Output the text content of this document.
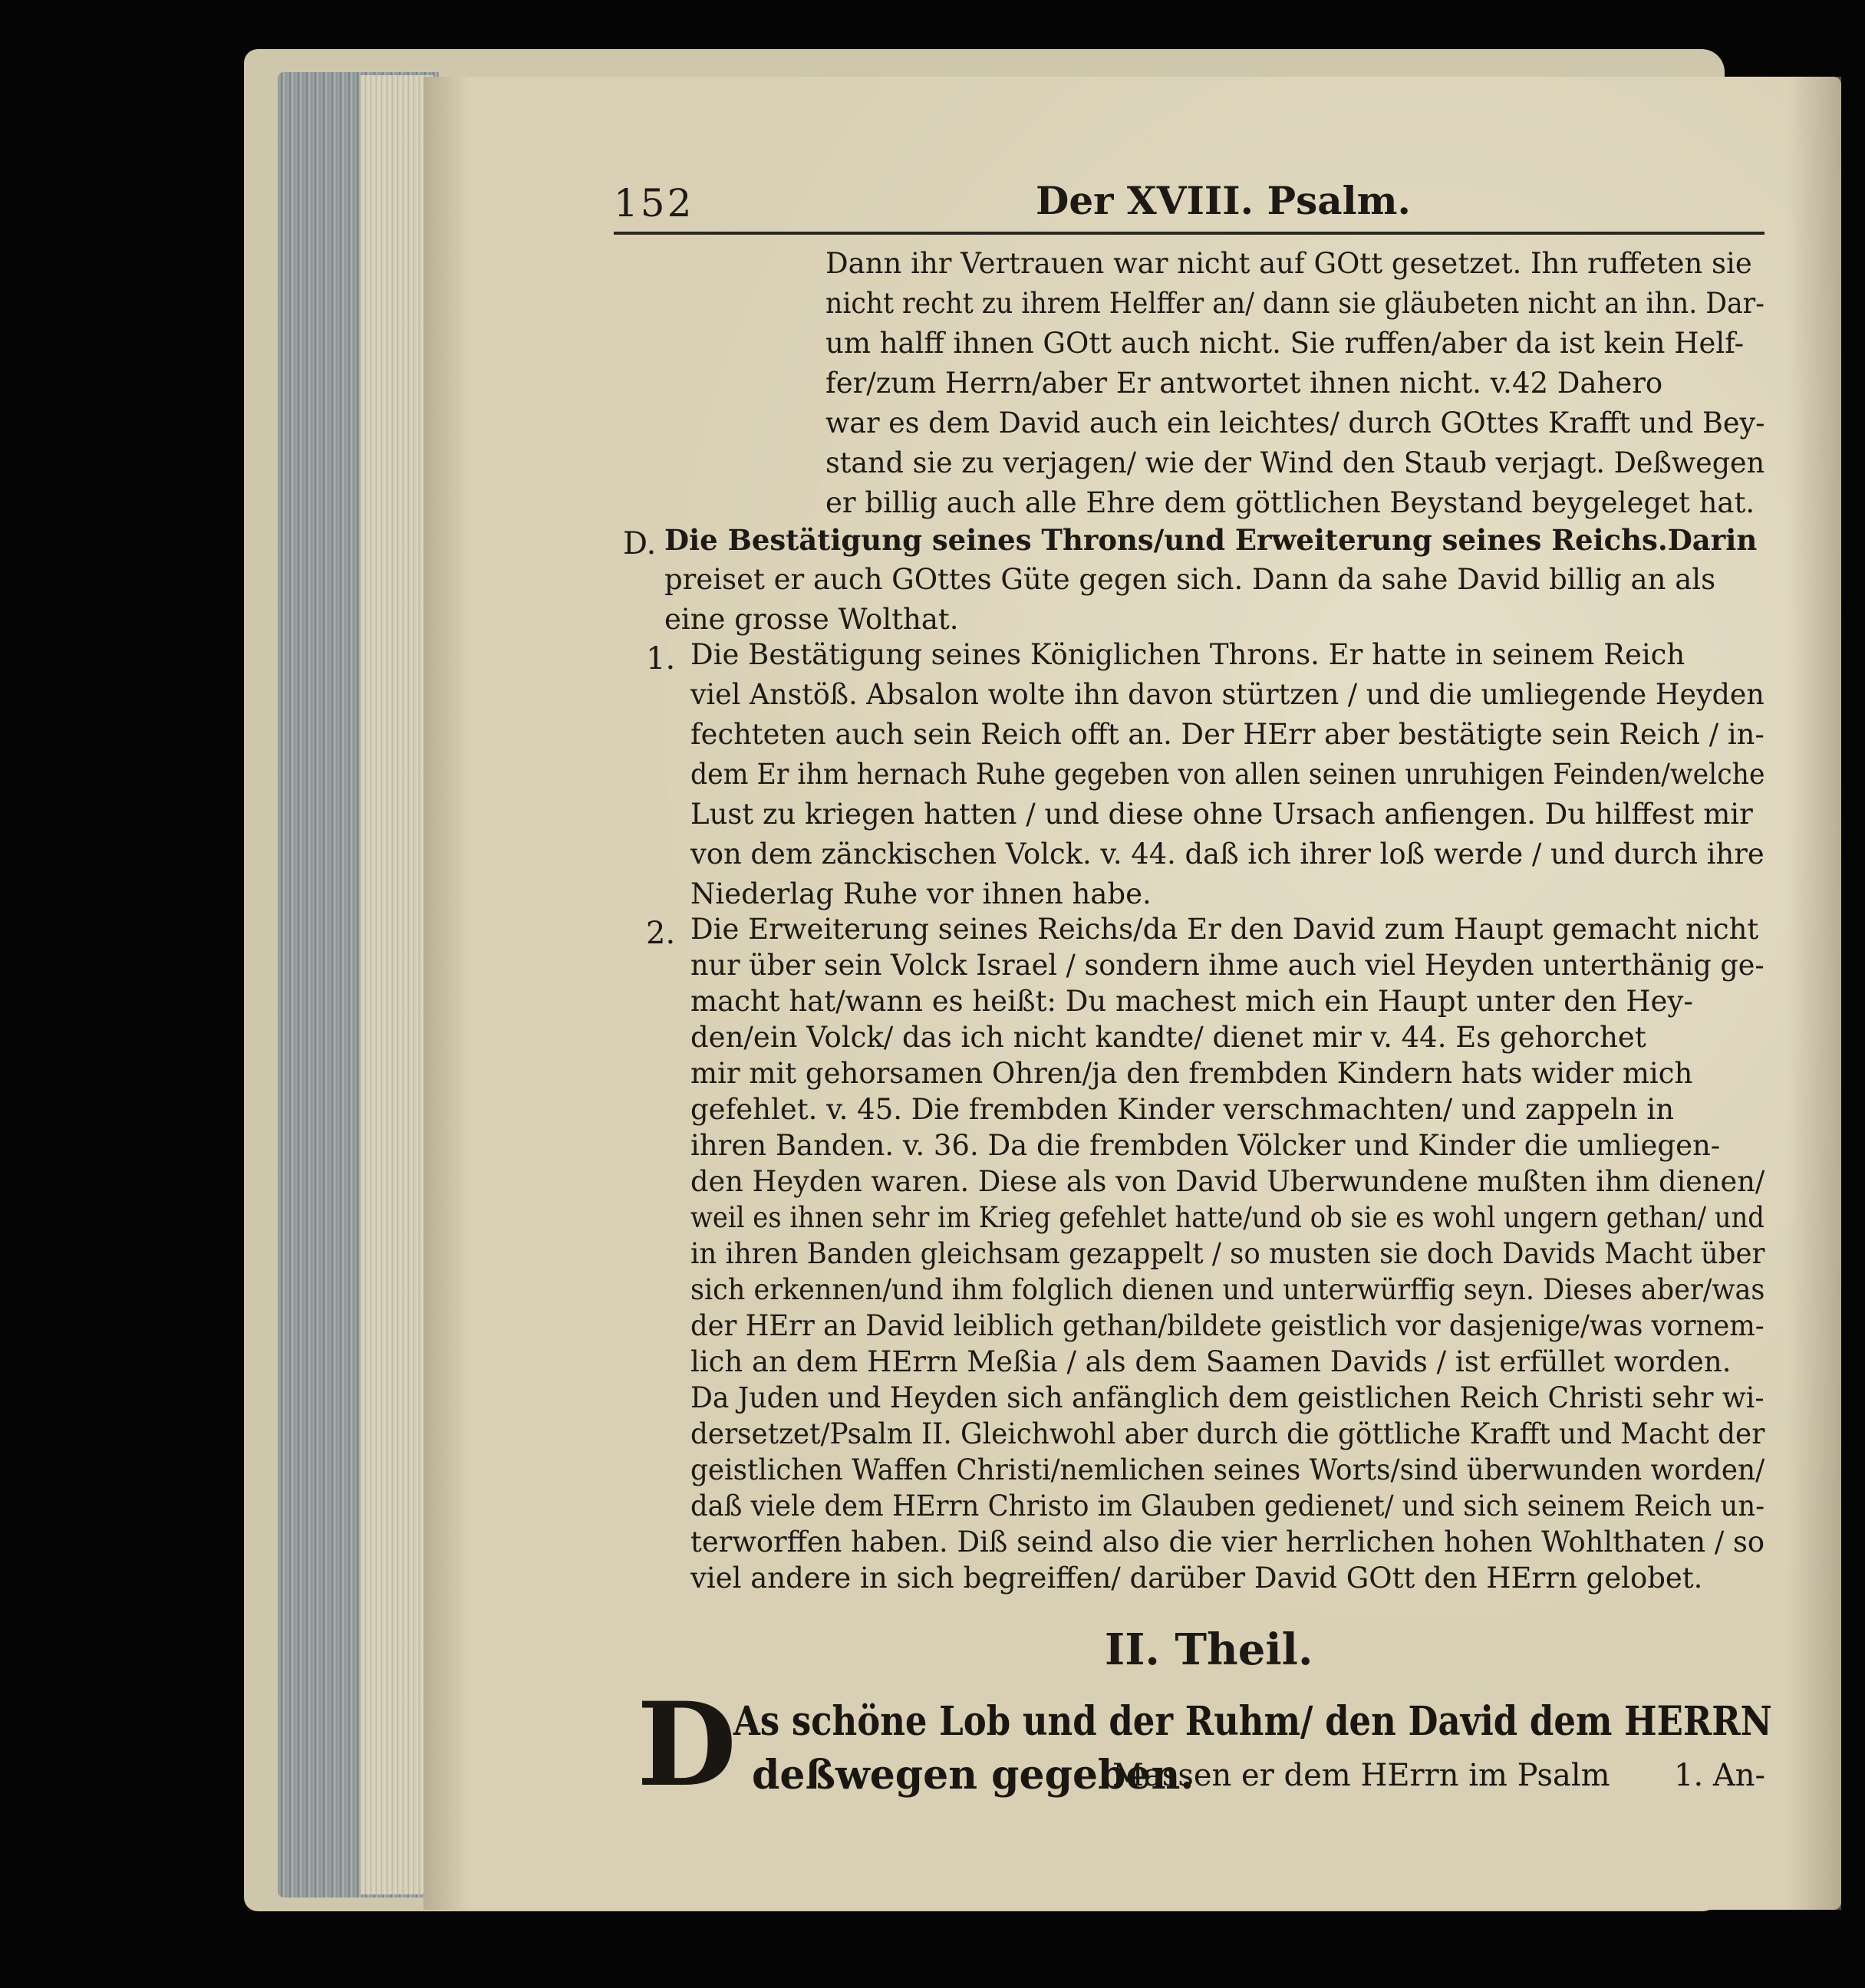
152	Der XVIII. Psalm.
Dann ihr Vertrauen war nicht auf GOtt gesetzet. Ihn ruffeten sie
nicht recht zu ihrem Helffer an/ dann sie gläubeten nicht an ihn. Dar-
um halff ihnen GOtt auch nicht. Sie ruffen/aber da ist kein Helf-
fer/zum Herrn/aber Er antwortet ihnen nicht. v.42 Dahero
war es dem David auch ein leichtes/ durch GOttes Krafft und Bey-
stand sie zu verjagen/ wie der Wind den Staub verjagt. Deßwegen
er billig auch alle Ehre dem göttlichen Beystand beygeleget hat.
D. Die Bestätigung seines Throns/und Erweiterung seines Reichs.Darin
preiset er auch GOttes Güte gegen sich. Dann da sahe David billig an als
eine grosse Wolthat.
1. Die Bestätigung seines Königlichen Throns. Er hatte in seinem Reich
viel Anstöß. Absalon wolte ihn davon stürtzen / und die umliegende Heyden
fechteten auch sein Reich offt an. Der HErr aber bestätigte sein Reich / in-
dem Er ihm hernach Ruhe gegeben von allen seinen unruhigen Feinden/welche
Lust zu kriegen hatten / und diese ohne Ursach anfiengen. Du hilffest mir
von dem zänckischen Volck. v. 44. daß ich ihrer loß werde / und durch ihre
Niederlag Ruhe vor ihnen habe.
2. Die Erweiterung seines Reichs/da Er den David zum Haupt gemacht nicht
nur über sein Volck Israel / sondern ihme auch viel Heyden unterthänig ge-
macht hat/wann es heißt: Du machest mich ein Haupt unter den Hey-
den/ein Volck/ das ich nicht kandte/ dienet mir v. 44. Es gehorchet
mir mit gehorsamen Ohren/ja den frembden Kindern hats wider mich
gefehlet. v. 45. Die frembden Kinder verschmachten/ und zappeln in
ihren Banden. v. 36. Da die frembden Völcker und Kinder die umliegen-
den Heyden waren. Diese als von David Uberwundene mußten ihm dienen/
weil es ihnen sehr im Krieg gefehlet hatte/und ob sie es wohl ungern gethan/ und
in ihren Banden gleichsam gezappelt / so musten sie doch Davids Macht über
sich erkennen/und ihm folglich dienen und unterwürffig seyn. Dieses aber/was
der HErr an David leiblich gethan/bildete geistlich vor dasjenige/was vornem-
lich an dem HErrn Meßia / als dem Saamen Davids / ist erfüllet worden.
Da Juden und Heyden sich anfänglich dem geistlichen Reich Christi sehr wi-
dersetzet/Psalm II. Gleichwohl aber durch die göttliche Krafft und Macht der
geistlichen Waffen Christi/nemlichen seines Worts/sind überwunden worden/
daß viele dem HErrn Christo im Glauben gedienet/ und sich seinem Reich un-
terworffen haben. Diß seind also die vier herrlichen hohen Wohlthaten / so
viel andere in sich begreiffen/ darüber David GOtt den HErrn gelobet.
II. Theil.
D
As schöne Lob und der Ruhm/ den David dem HERRN
deßwegen gegeben.
Massen er dem HErrn im Psalm 1. An-
